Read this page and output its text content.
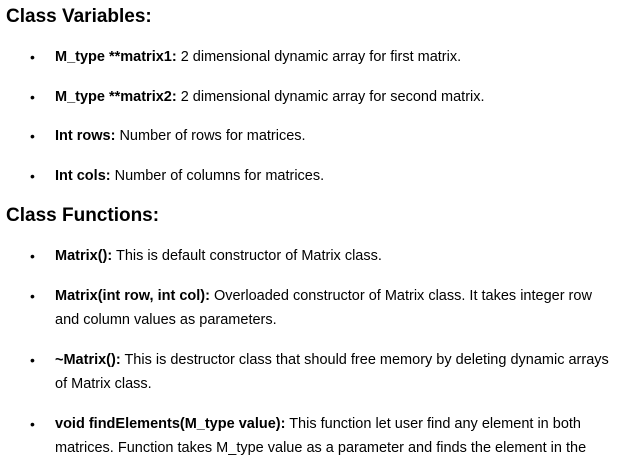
Class Variables:
• M_type **matrix1: 2 dimensional dynamic array for first matrix.
• M_type **matrix2: 2 dimensional dynamic array for second matrix.
• Int rows: Number of rows for matrices.
• Int cols: Number of columns for matrices.
Class Functions:
• Matrix(): This is default constructor of Matrix class.
• Matrix(int row, int col): Overloaded constructor of Matrix class. It takes integer row and column values as parameters.
• ~Matrix(): This is destructor class that should free memory by deleting dynamic arrays of Matrix class.
• void findElements(M_type value): This function let user find any element in both matrices. Function takes M_type value as a parameter and finds the element in the
